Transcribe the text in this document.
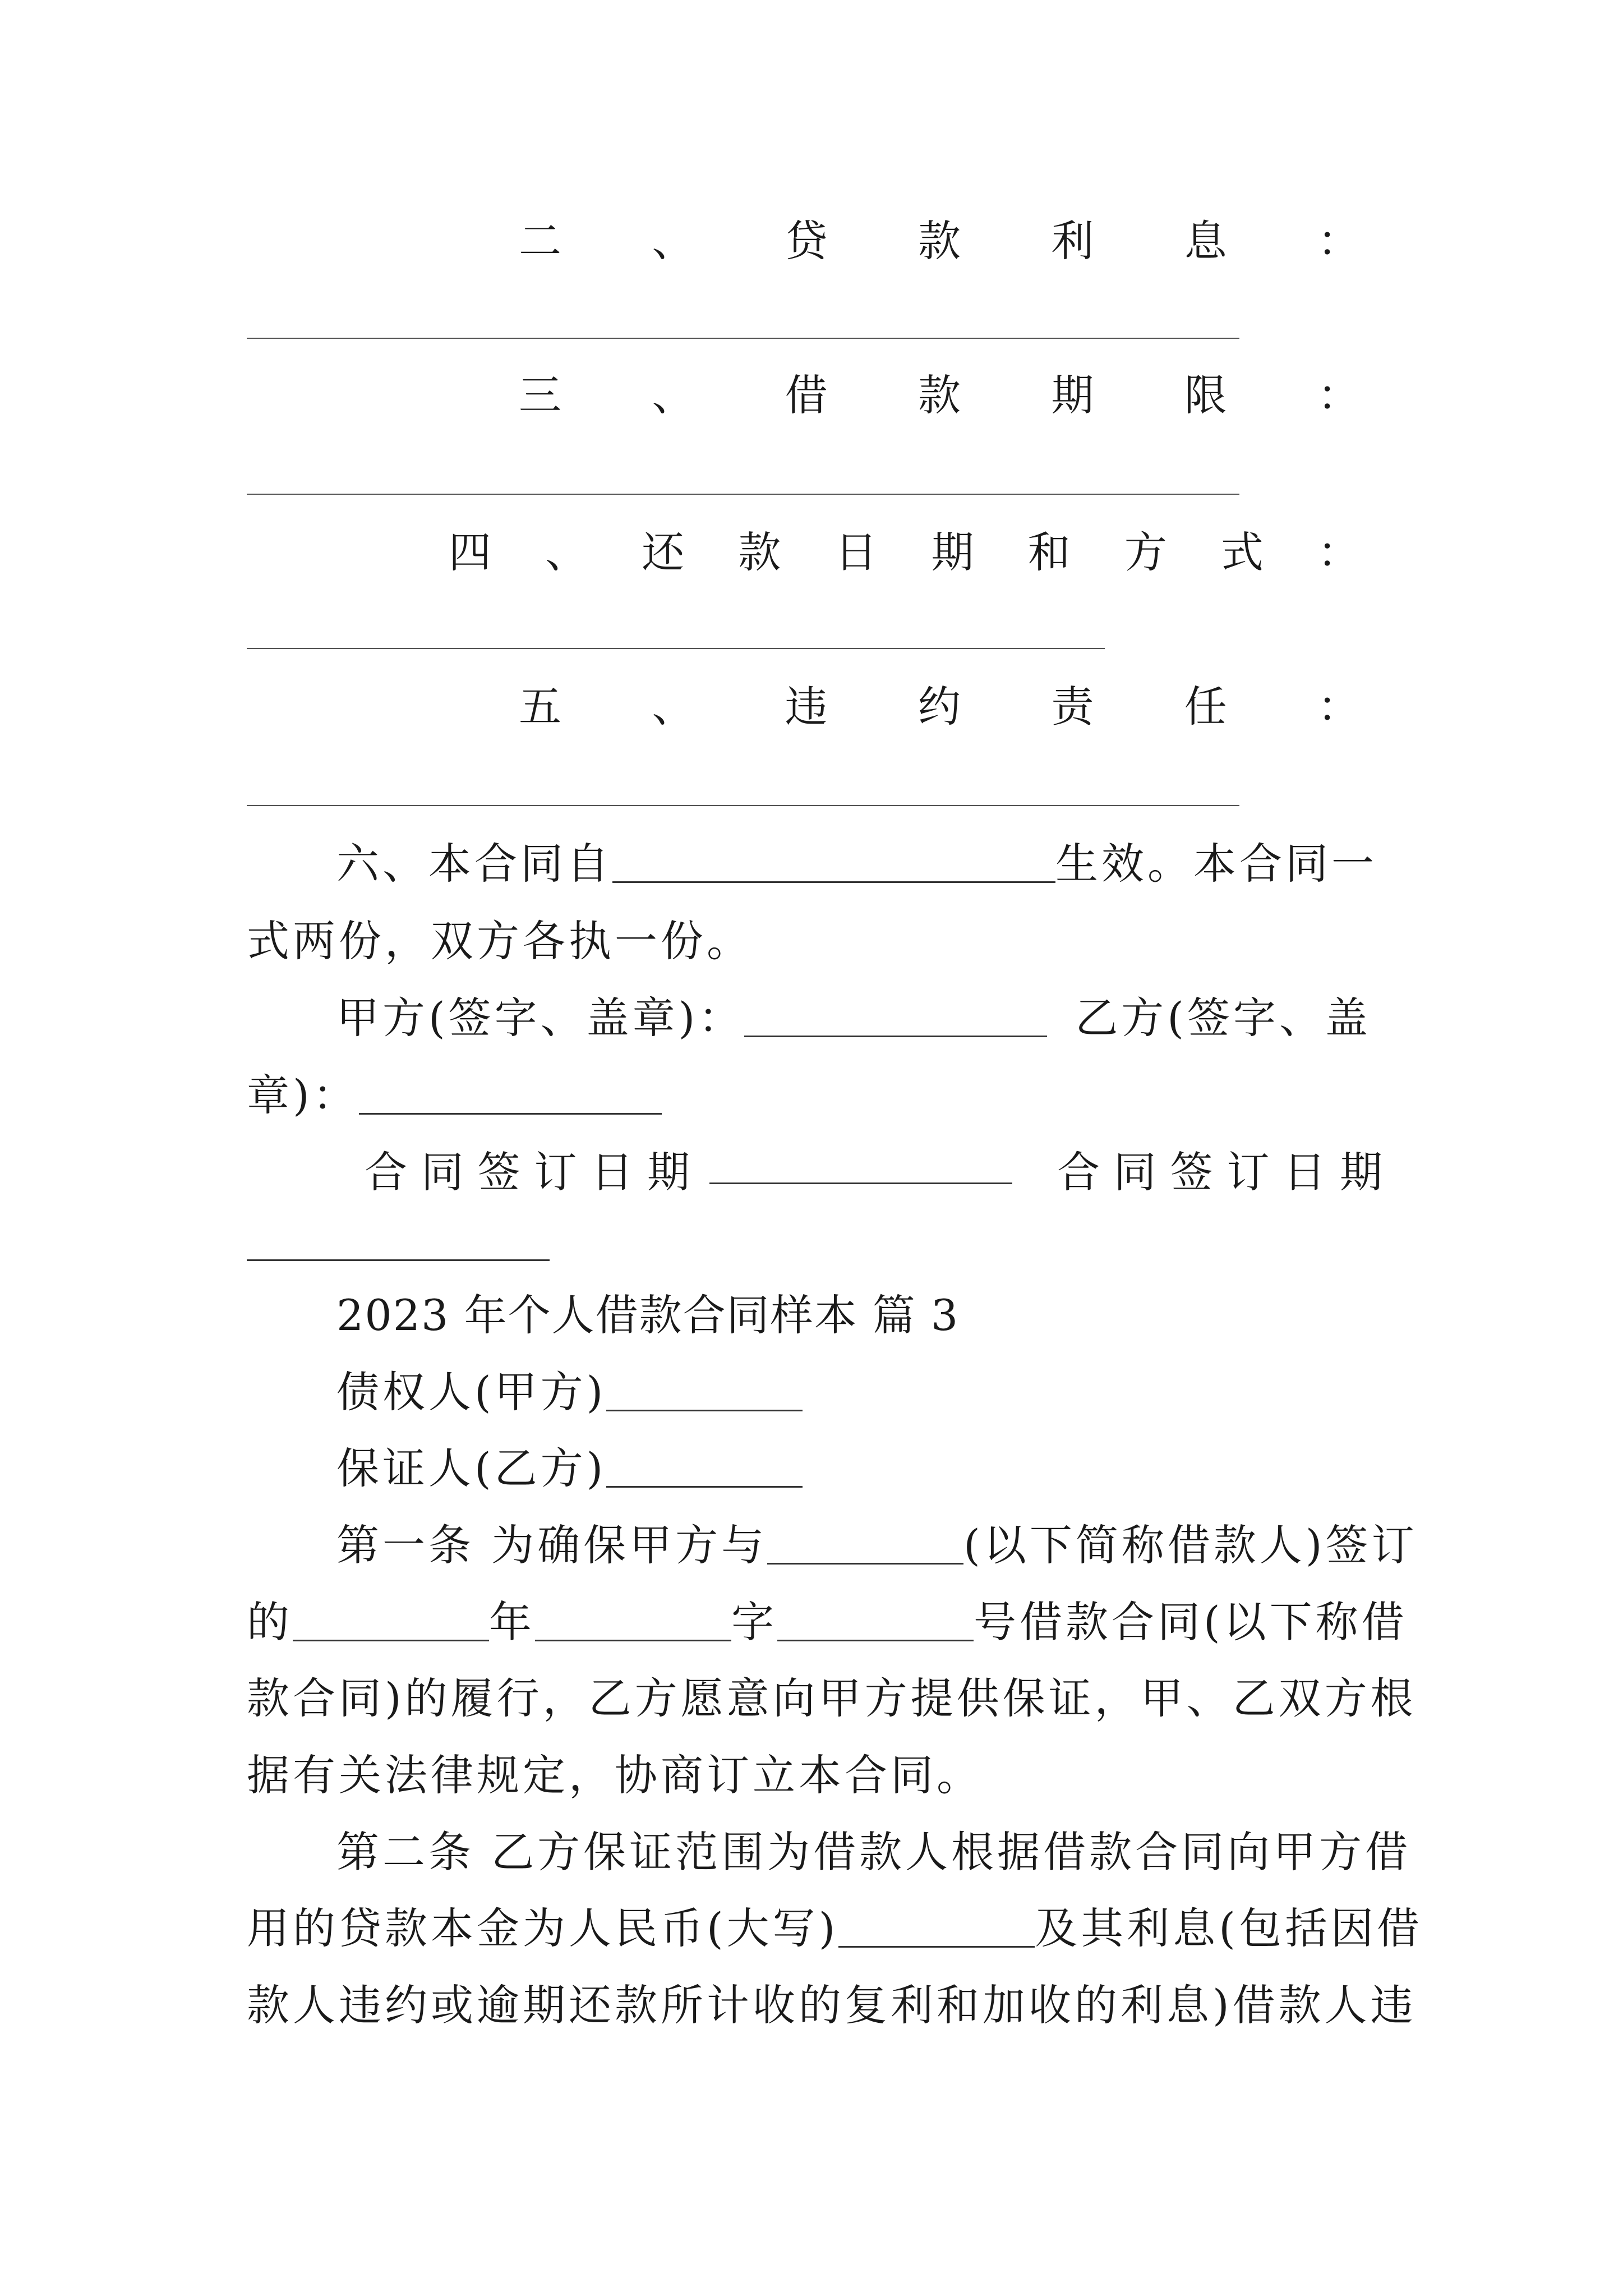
二 、 贷 款 利 息 ：
三 、 借 款 期 限 ：
四 、 还 款 日 期 和 方 式 ：
五 、 违 约 责 任 ：
六、本合同自	生效。本合同一
式两份，双方各执一份。
甲方(签字、盖章)：	乙方(签字、盖
章)：
合 同 签 订 日 期	合 同 签 订 日 期
2023 年个人借款合同样本 篇 3
债权人(甲方)
保证人(乙方)
第一条 为确保甲方与	(以下简称借款人)签订
的	年	字	号借款合同(以下称借
款合同)的履行，乙方愿意向甲方提供保证，甲、乙双方根
据有关法律规定，协商订立本合同。
第二条 乙方保证范围为借款人根据借款合同向甲方借
用的贷款本金为人民币(大写)	及其利息(包括因借
款人违约或逾期还款所计收的复利和加收的利息)借款人违
